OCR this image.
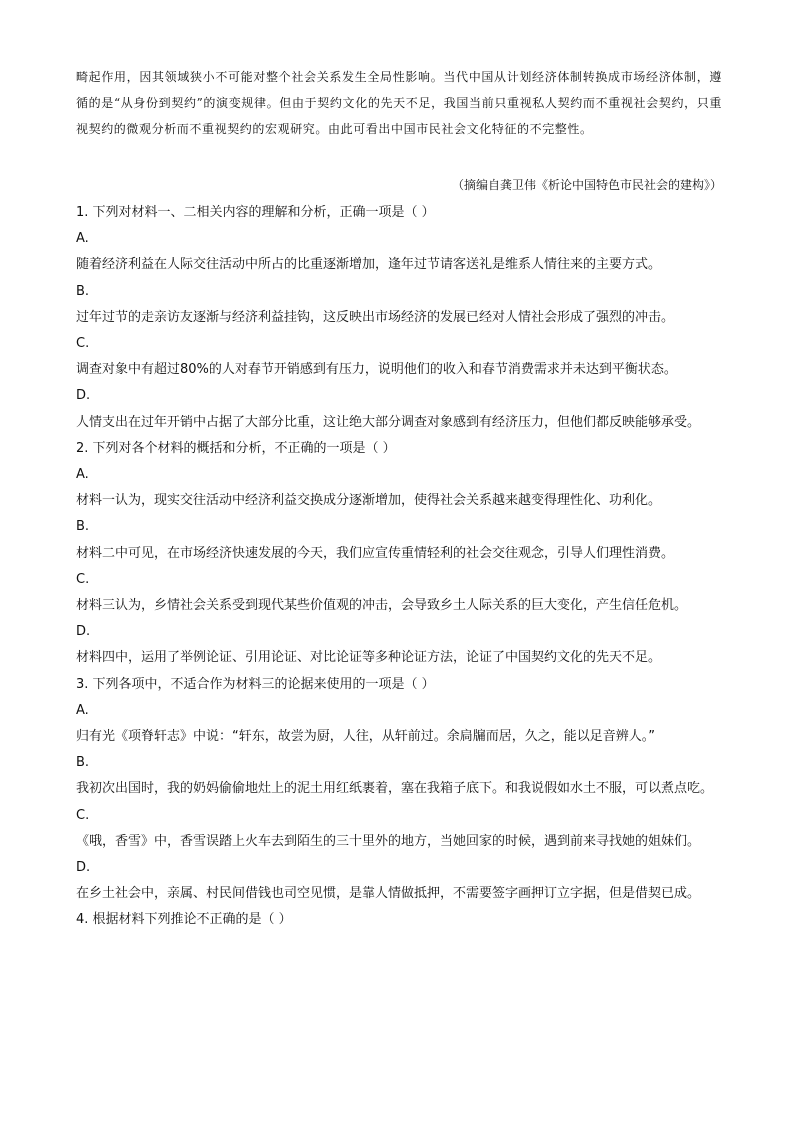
畸起作用，因其领域狭小不可能对整个社会关系发生全局性影响。当代中国从计划经济体制转换成市场经济体制，遵循的是“从身份到契约”的演变规律。但由于契约文化的先天不足，我国当前只重视私人契约而不重视社会契约，只重视契约的微观分析而不重视契约的宏观研究。由此可看出中国市民社会文化特征的不完整性。

（摘编自龚卫伟《析论中国特色市民社会的建构》）

1. 下列对材料一、二相关内容的理解和分析，正确一项是（ ）

A.

随着经济利益在人际交往活动中所占的比重逐渐增加，逢年过节请客送礼是维系人情往来的主要方式。

B.

过年过节的走亲访友逐渐与经济利益挂钩，这反映出市场经济的发展已经对人情社会形成了强烈的冲击。

C.

调查对象中有超过80%的人对春节开销感到有压力，说明他们的收入和春节消费需求并未达到平衡状态。

D.

人情支出在过年开销中占据了大部分比重，这让绝大部分调查对象感到有经济压力，但他们都反映能够承受。

2. 下列对各个材料的概括和分析，不正确的一项是（ ）

A.

材料一认为，现实交往活动中经济利益交换成分逐渐增加，使得社会关系越来越变得理性化、功利化。

B.

材料二中可见，在市场经济快速发展的今天，我们应宣传重情轻利的社会交往观念，引导人们理性消费。

C.

材料三认为，乡情社会关系受到现代某些价值观的冲击，会导致乡土人际关系的巨大变化，产生信任危机。

D.

材料四中，运用了举例论证、引用论证、对比论证等多种论证方法，论证了中国契约文化的先天不足。

3. 下列各项中，不适合作为材料三的论据来使用的一项是（ ）

A.

归有光《项脊轩志》中说：“轩东，故尝为厨，人往，从轩前过。余扃牖而居，久之，能以足音辨人。”

B.

我初次出国时，我的奶妈偷偷地灶上的泥土用红纸裹着，塞在我箱子底下。和我说假如水土不服，可以煮点吃。

C.

《哦，香雪》中，香雪误踏上火车去到陌生的三十里外的地方，当她回家的时候，遇到前来寻找她的姐妹们。

D.

在乡土社会中，亲属、村民间借钱也司空见惯，是靠人情做抵押，不需要签字画押订立字据，但是借契已成。

4. 根据材料下列推论不正确的是（ ）
